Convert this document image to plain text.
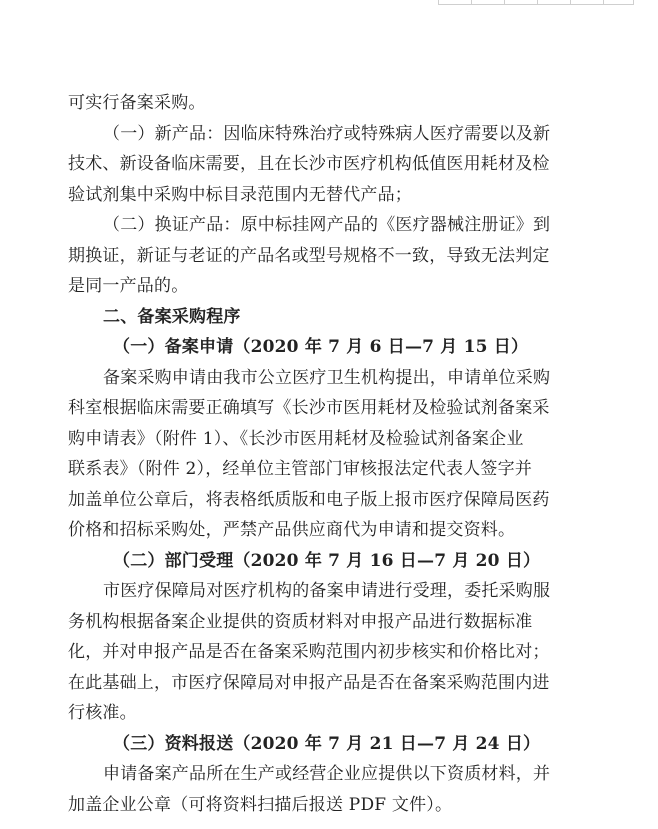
可实行备案采购。
（一）新产品：因临床特殊治疗或特殊病人医疗需要以及新
技术、新设备临床需要，且在长沙市医疗机构低值医用耗材及检
验试剂集中采购中标目录范围内无替代产品；
（二）换证产品：原中标挂网产品的《医疗器械注册证》到
期换证，新证与老证的产品名或型号规格不一致，导致无法判定
是同一产品的。
二、备案采购程序
（一）备案申请（2020 年 7 月 6 日—7 月 15 日）
备案采购申请由我市公立医疗卫生机构提出，申请单位采购
科室根据临床需要正确填写《长沙市医用耗材及检验试剂备案采
购申请表》（附件 1）、《长沙市医用耗材及检验试剂备案企业
联系表》（附件 2），经单位主管部门审核报法定代表人签字并
加盖单位公章后，将表格纸质版和电子版上报市医疗保障局医药
价格和招标采购处，严禁产品供应商代为申请和提交资料。
（二）部门受理（2020 年 7 月 16 日—7 月 20 日）
市医疗保障局对医疗机构的备案申请进行受理，委托采购服
务机构根据备案企业提供的资质材料对申报产品进行数据标准
化，并对申报产品是否在备案采购范围内初步核实和价格比对；
在此基础上，市医疗保障局对申报产品是否在备案采购范围内进
行核准。
（三）资料报送（2020 年 7 月 21 日—7 月 24 日）
申请备案产品所在生产或经营企业应提供以下资质材料，并
加盖企业公章（可将资料扫描后报送 PDF 文件）。
